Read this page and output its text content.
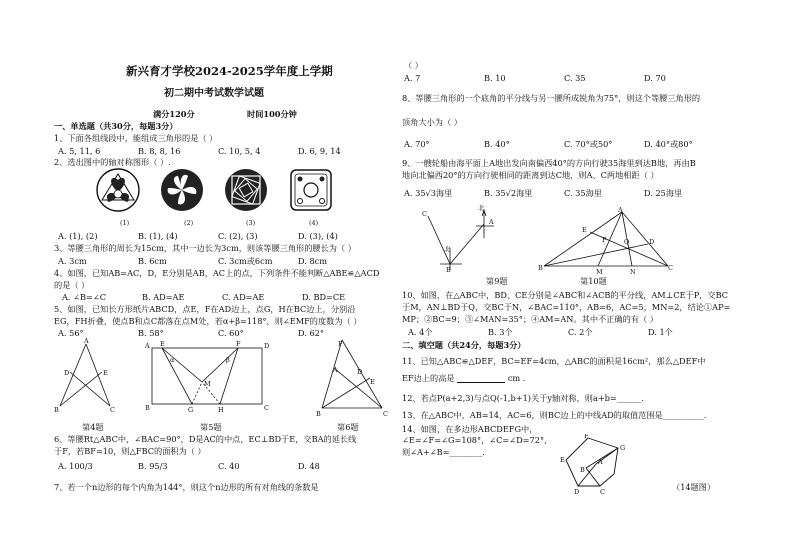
新兴育才学校2024-2025学年度上学期
初二期中考试数学试题
满分120分	时间100分钟
一、单选题（共30分，每题3分）
1、下面各组线段中，能组成三角形的是（ ）
A. 5, 11, 6	B. 8, 8, 16	C. 10, 5, 4	D. 6, 9, 14
2、选出图中的轴对称图形（ ）.
(1)	(2)	(3)	(4)
A. (1), (2)	B. (1), (4)	C. (2), (3)	D. (3), (4)
3、等腰三角形的周长为15cm，其中一边长为3cm，则该等腰三角形的腰长为（ ）
A. 3cm	B. 6cm	C. 3cm或6cm	D. 8cm
4、如图，已知AB=AC，D，E分别是AB，AC上的点，下列条件不能判断△ABE≌△ACD
的是（ ）
A. ∠B=∠C	B. AD=AE	C. AD=AE	D. BD=CE
5、如图，已知长方形纸片ABCD，点E，F在AD边上，点G，H在BC边上，分别沿
EG，FH折叠，使点B和点C都落在点M处，若α+β=118°，则∠EMF的度数为（ ）
A. 56°	B. 58°	C. 60°	D. 62°
A
D	E
B	C
A E	F	D
B	G	H	C
M
α	β
F
A	D
E
B	C
第4题	第5题	第6题
6、等腰Rt△ABC中，∠BAC=90°，D是AC的中点，EC⊥BD于E，交BA的延长线
于F，若BF=10，则△FBC的面积为（ ）
A. 100/3	B. 95/3	C. 40	D. 48
7、若一个n边形的每个内角为144°，则这个n边形的所有对角线的条数是
（ ）
A. 7	B. 10	C. 35	D. 70
8、等腰三角形的一个底角的平分线与另一腰所成锐角为75°，则这个等腰三角形的
顶角大小为（ ）
A. 70°	B. 40°	C. 70°或50°	D. 40°或80°
9、一艘轮船由海平面上A地出发向南偏西40°的方向行驶35海里到达B地，再由B
地向北偏西20°的方向行驶相同的距离到达C地，则A、C两地相距（ ）
A. 35√3海里	B. 35√2海里	C. 35海里	D. 25海里
C
北
A
B
北
A
E
D
P	Q
B	M	N	C
第9题	第10题
10、如图，在△ABC中，BD、CE分别是∠ABC和∠ACB的平分线，AM⊥CE于P，交BC
于M，AN⊥BD于Q，交BC于N，∠BAC=110°，AB=6，AC=5，MN=2，结论①AP=
MP；②BC=9；③∠MAN=35°；④AM=AN。其中不正确的有（ ）
A. 4个	B. 3个	C. 2个	D. 1个
二、填空题（共24分，每题3分）
11、已知△ABC≌△DEF，BC=EF=4cm，△ABC的面积是16cm²，那么△DEF中
EF边上的高是	cm .
12、若点P(a+2,3)与点Q(-1,b+1)关于y轴对称，则a+b=______.
13、在△ABC中，AB=14，AC=6，则BC边上的中线AD的取值范围是__________.
14、如图，在多边形ABCDEFG中，
∠E=∠F=∠G=108°，∠C=∠D=72°，
则∠A+∠B=________.
F
G
E
B
A
D	C	（14题图）
